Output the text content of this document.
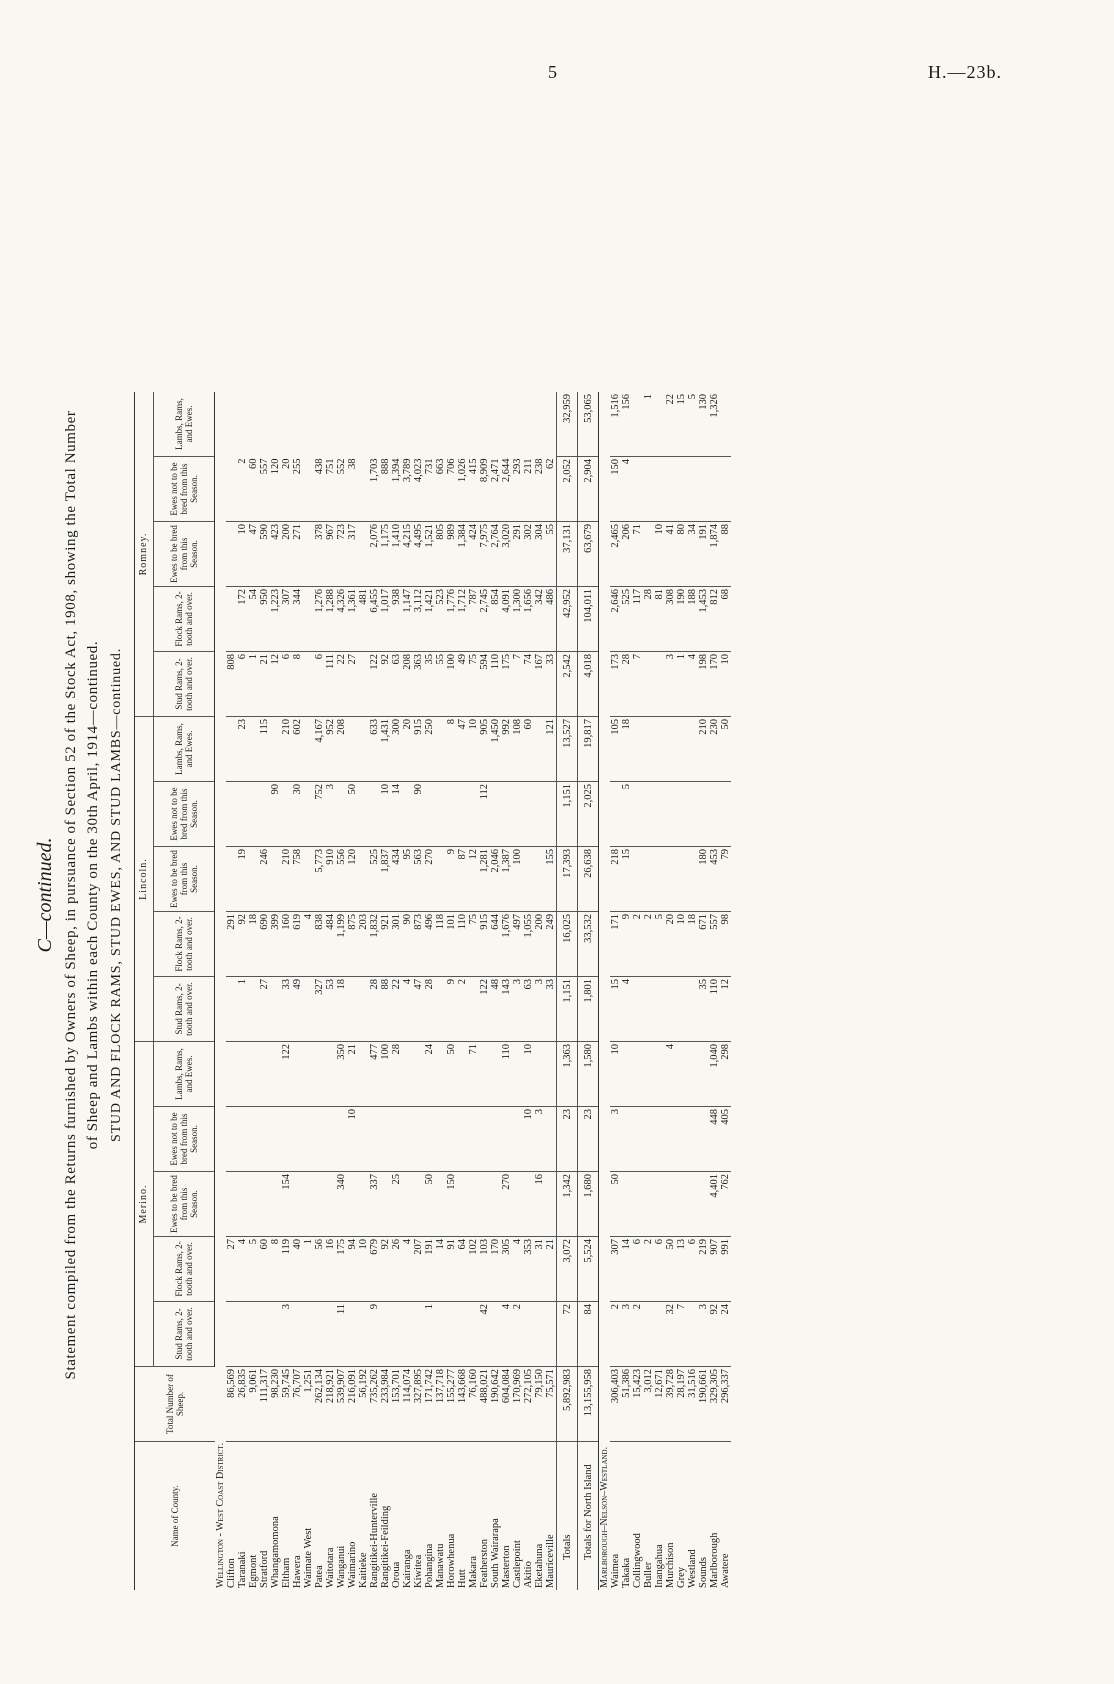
5	H.—23b.
C—continued. Statement compiled from the Returns furnished by Owners of Sheep, in pursuance of Section 52 of the Stock Act, 1908, showing the Total Number of Sheep and Lambs within each County on the 30th April, 1914—continued. STUD AND FLOCK RAMS, STUD EWES, AND STUD LAMBS—continued.
Name of County.	Total Number of Sheep.	Merino.					Lincoln.					Romney.				
		Stud Rams, 2-tooth and over.	Flock Rams, 2-tooth and over.	Ewes to be bred from this Season.	Ewes not to be bred from this Season.	Lambs, Rams, and Ewes.	Stud Rams, 2-tooth and over.	Flock Rams, 2-tooth and over.	Ewes to be bred from this Season.	Ewes not to be bred from this Season.	Lambs, Rams, and Ewes.	Stud Rams, 2-tooth and over.	Flock Rams, 2-tooth and over.	Ewes to be bred from this Season.	Ewes not to be bred from this Season.	Lambs, Rams, and Ewes.
Wellington - West Coast District.																
Clifton	86,569		27					291				808				
Taranaki	26,835		4				1	92	19		23	6	172	10	2	
Egmont	9,061		5					18				1	54	47	60	
Stratford	111,317		60				27	690	246		115	21	950	590	557	
Whangamomona	98,230		8					399		90		12	1,223	423	120	
Eltham	59,745	3	119	154		122	33	160	210		210	6	307	200	20	
Hawera	76,707		40				49	619	758	30	602	8	344	271	255	
Waimate West	1,251		1					4								
Patea	262,134		56				327	838	5,773	752	4,167	6	1,276	378	438	
Waitotara	218,921		16				53	484	910	3	952	111	1,288	967	751	
Wanganui	539,907	11	175	340		350	18	1,199	556		208	22	4,326	723	552	
Waimarino	216,091		94		10	21		875	120	50		27	1,361	317	38	
Kaitieke	56,192		10					203					481			
Rangitikei-Hunterville	735,262	9	679	337		477	28	1,832	525		633	122	6,455	2,076	1,703	
Rangitikei-Feilding	233,984		92			100	88	921	1,837	10	1,431	92	1,017	1,175	888	
Oroua	153,701		26	25		28	22	301	434	14	300	63	938	1,410	1,394	
Kairanga	114,074		4				4	90	95		20	208	1,147	4,215	3,789	
Kiwitea	327,895		207				47	873	563	90	915	363	3,112	4,495	4,023	
Pohangina	171,742	1	191	50		24	28	496	270		250	35	1,421	1,521	731	
Manawatu	137,718		14					118				55	523	805	663	
Horowhenua	155,277		91	150		50	9	101	9		8	100	1,776	989	706	
Hutt	143,668		64				2	110	87		47	49	1,712	1,384	1,026	
Makara	76,160		102			71		75	12		10	75	787	424	415	
Featherston	488,021	42	103				122	915	1,281	112	905	594	2,745	7,975	8,909	
South Wairarapa	190,642		170				48	644	2,046		1,450	110	854	2,764	2,471	
Masterton	604,084	4	305	270		110	143	1,676	1,387		992	175	4,091	3,020	2,644	
Castlepoint	170,969	2	4				3	497	100		108	7	1,300	291	293	
Akitio	272,105		353		10	10	63	1,055			60	74	1,656	302	211	
Eketahuna	79,150		31	16	3		3	200				167	342	304	238	
Mauriceville	75,571		21				33	249	155		121	33	486	55	62	
Totals	5,892,983	72	3,072	1,342	23	1,363	1,151	16,025	17,393	1,151	13,527	2,542	42,952	37,131	2,052	32,959
Totals for North Island	13,155,958	84	5,524	1,680	23	1,580	1,801	33,532	26,638	2,025	19,817	4,018	104,011	63,679	2,904	53,065
Marlborough–Nelson–Westland.																
Waimea	306,403	2	307	50	3	10	15	171	218		105	173	2,646	2,465	150	1,516
Takaka	51,386	3	14				4	9	15	5	18	28	525	206	4	156
Collingwood	15,423	2	6					2				7	117	71		
Buller	3,012		2					2					28			1
Inangahua	12,671		6					5					81	10		
Murchison	39,728	32	50			4		20				3	308	41		22
Grey	28,197	7	13					10				1	190	80		15
Westland	31,516		6					18				4	188	34		5
Sounds	190,661	3	219				35	671	180		210	198	1,453	191		130
Marlborough	329,305	92	907	4,401	448	1,040	110	557	453		230	170	812	1,874		1,326
Awatere	296,337	24	991	762	405	298	12	98	79		50	10	68	88		
